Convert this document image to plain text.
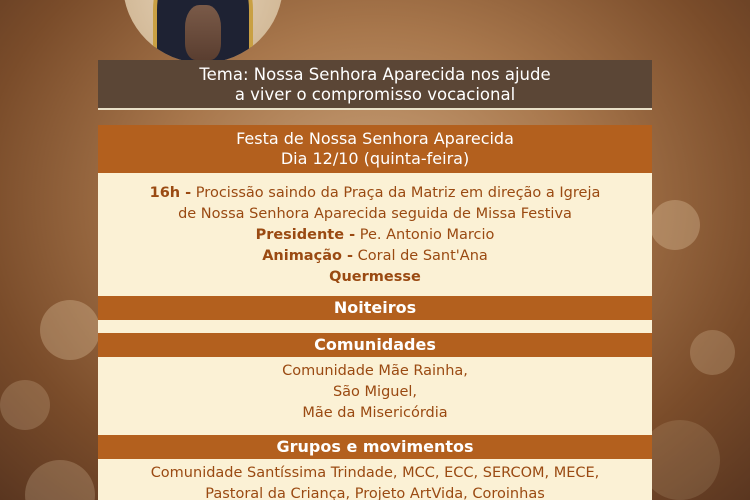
Tema: Nossa Senhora Aparecida nos ajude
a viver o compromisso vocacional
Festa de Nossa Senhora Aparecida
Dia 12/10 (quinta-feira)
16h - Procissão saindo da Praça da Matriz em direção a Igreja
de Nossa Senhora Aparecida seguida de Missa Festiva
Presidente - Pe. Antonio Marcio
Animação - Coral de Sant'Ana
Quermesse
Noiteiros
Comunidades
Comunidade Mãe Rainha,
São Miguel,
Mãe da Misericórdia
Grupos e movimentos
Comunidade Santíssima Trindade, MCC, ECC, SERCOM, MECE,
Pastoral da Criança, Projeto ArtVida, Coroinhas
